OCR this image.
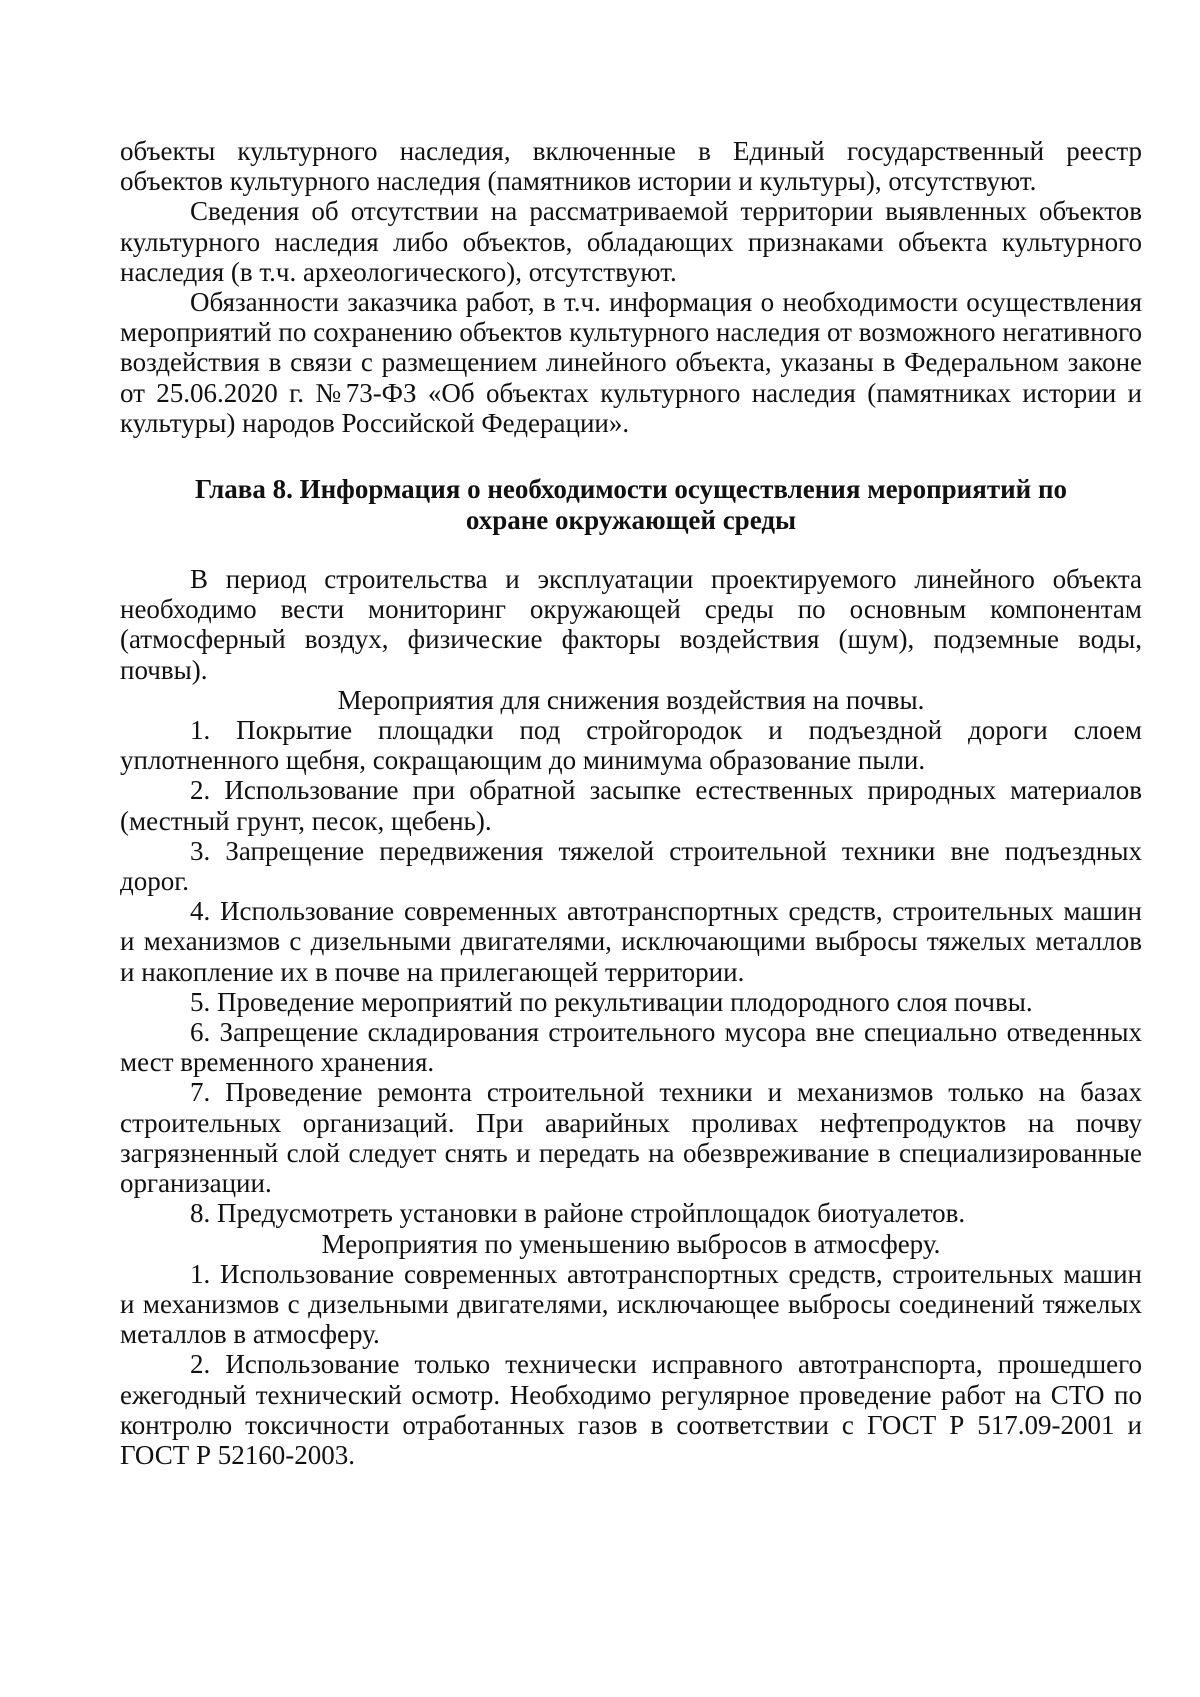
объекты культурного наследия, включенные в Единый государственный реестр объектов культурного наследия (памятников истории и культуры), отсутствуют.

Сведения об отсутствии на рассматриваемой территории выявленных объектов культурного наследия либо объектов, обладающих признаками объекта культурного наследия (в т.ч. археологического), отсутствуют.

Обязанности заказчика работ, в т.ч. информация о необходимости осуществления мероприятий по сохранению объектов культурного наследия от возможного негативного воздействия в связи с размещением линейного объекта, указаны в Федеральном законе от 25.06.2020 г. №73-ФЗ «Об объектах культурного наследия (памятниках истории и культуры) народов Российской Федерации».

Глава 8. Информация о необходимости осуществления мероприятий по
охране окружающей среды

В период строительства и эксплуатации проектируемого линейного объекта необходимо вести мониторинг окружающей среды по основным компонентам (атмосферный воздух, физические факторы воздействия (шум), подземные воды, почвы).

Мероприятия для снижения воздействия на почвы.

1. Покрытие площадки под стройгородок и подъездной дороги слоем уплотненного щебня, сокращающим до минимума образование пыли.

2. Использование при обратной засыпке естественных природных материалов (местный грунт, песок, щебень).

3. Запрещение передвижения тяжелой строительной техники вне подъездных дорог.

4. Использование современных автотранспортных средств, строительных машин и механизмов с дизельными двигателями, исключающими выбросы тяжелых металлов и накопление их в почве на прилегающей территории.

5. Проведение мероприятий по рекультивации плодородного слоя почвы.

6. Запрещение складирования строительного мусора вне специально отведенных мест временного хранения.

7. Проведение ремонта строительной техники и механизмов только на базах строительных организаций. При аварийных проливах нефтепродуктов на почву загрязненный слой следует снять и передать на обезвреживание в специализированные организации.

8. Предусмотреть установки в районе стройплощадок биотуалетов.

Мероприятия по уменьшению выбросов в атмосферу.

1. Использование современных автотранспортных средств, строительных машин и механизмов с дизельными двигателями, исключающее выбросы соединений тяжелых металлов в атмосферу.

2. Использование только технически исправного автотранспорта, прошедшего ежегодный технический осмотр. Необходимо регулярное проведение работ на СТО по контролю токсичности отработанных газов в соответствии с ГОСТ Р 517.09-2001 и ГОСТ Р 52160-2003.
